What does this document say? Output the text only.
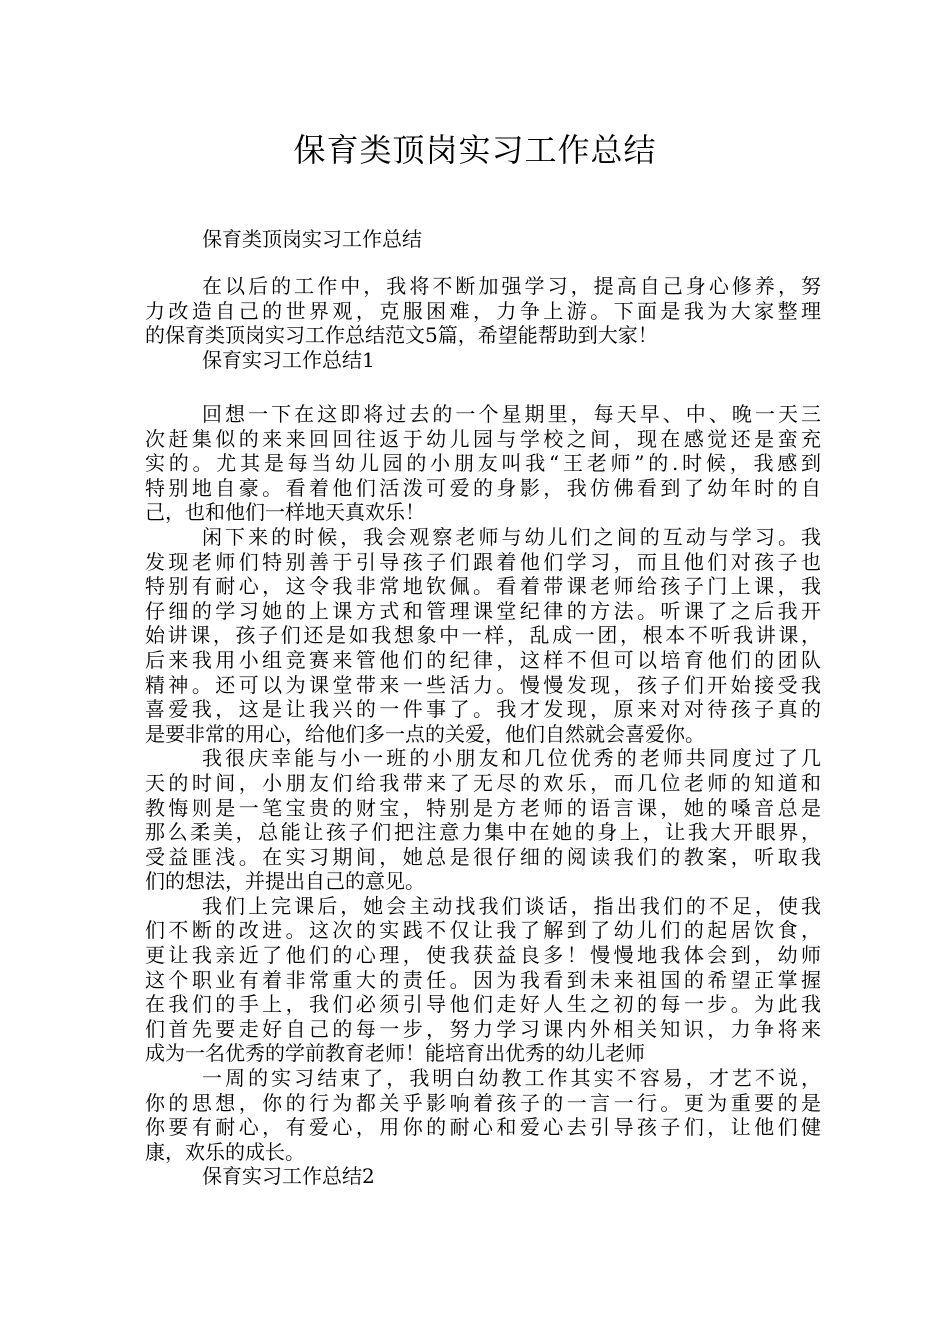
保育类顶岗实习工作总结
保育类顶岗实习工作总结
在以后的工作中，我将不断加强学习，提高自己身心修养，努
力改造自己的世界观，克服困难，力争上游。下面是我为大家整理
的保育类顶岗实习工作总结范文5篇，希望能帮助到大家！
保育实习工作总结1
回想一下在这即将过去的一个星期里，每天早、中、晚一天三
次赶集似的来来回回往返于幼儿园与学校之间，现在感觉还是蛮充
实的。尤其是每当幼儿园的小朋友叫我“王老师”的.时候，我感到
特别地自豪。看着他们活泼可爱的身影，我仿佛看到了幼年时的自
己，也和他们一样地天真欢乐！
闲下来的时候，我会观察老师与幼儿们之间的互动与学习。我
发现老师们特别善于引导孩子们跟着他们学习，而且他们对孩子也
特别有耐心，这令我非常地钦佩。看着带课老师给孩子门上课，我
仔细的学习她的上课方式和管理课堂纪律的方法。听课了之后我开
始讲课，孩子们还是如我想象中一样，乱成一团，根本不听我讲课，
后来我用小组竞赛来管他们的纪律，这样不但可以培育他们的团队
精神。还可以为课堂带来一些活力。慢慢发现，孩子们开始接受我
喜爱我，这是让我兴的一件事了。我才发现，原来对对待孩子真的
是要非常的用心，给他们多一点的关爱，他们自然就会喜爱你。
我很庆幸能与小一班的小朋友和几位优秀的老师共同度过了几
天的时间，小朋友们给我带来了无尽的欢乐，而几位老师的知道和
教悔则是一笔宝贵的财宝，特别是方老师的语言课，她的嗓音总是
那么柔美，总能让孩子们把注意力集中在她的身上，让我大开眼界，
受益匪浅。在实习期间，她总是很仔细的阅读我们的教案，听取我
们的想法，并提出自己的意见。
我们上完课后，她会主动找我们谈话，指出我们的不足，使我
们不断的改进。这次的实践不仅让我了解到了幼儿们的起居饮食，
更让我亲近了他们的心理，使我获益良多！慢慢地我体会到，幼师
这个职业有着非常重大的责任。因为我看到未来祖国的希望正掌握
在我们的手上，我们必须引导他们走好人生之初的每一步。为此我
们首先要走好自己的每一步，努力学习课内外相关知识，力争将来
成为一名优秀的学前教育老师！能培育出优秀的幼儿老师
一周的实习结束了，我明白幼教工作其实不容易，才艺不说，
你的思想，你的行为都关乎影响着孩子的一言一行。更为重要的是
你要有耐心，有爱心，用你的耐心和爱心去引导孩子们，让他们健
康，欢乐的成长。
保育实习工作总结2
